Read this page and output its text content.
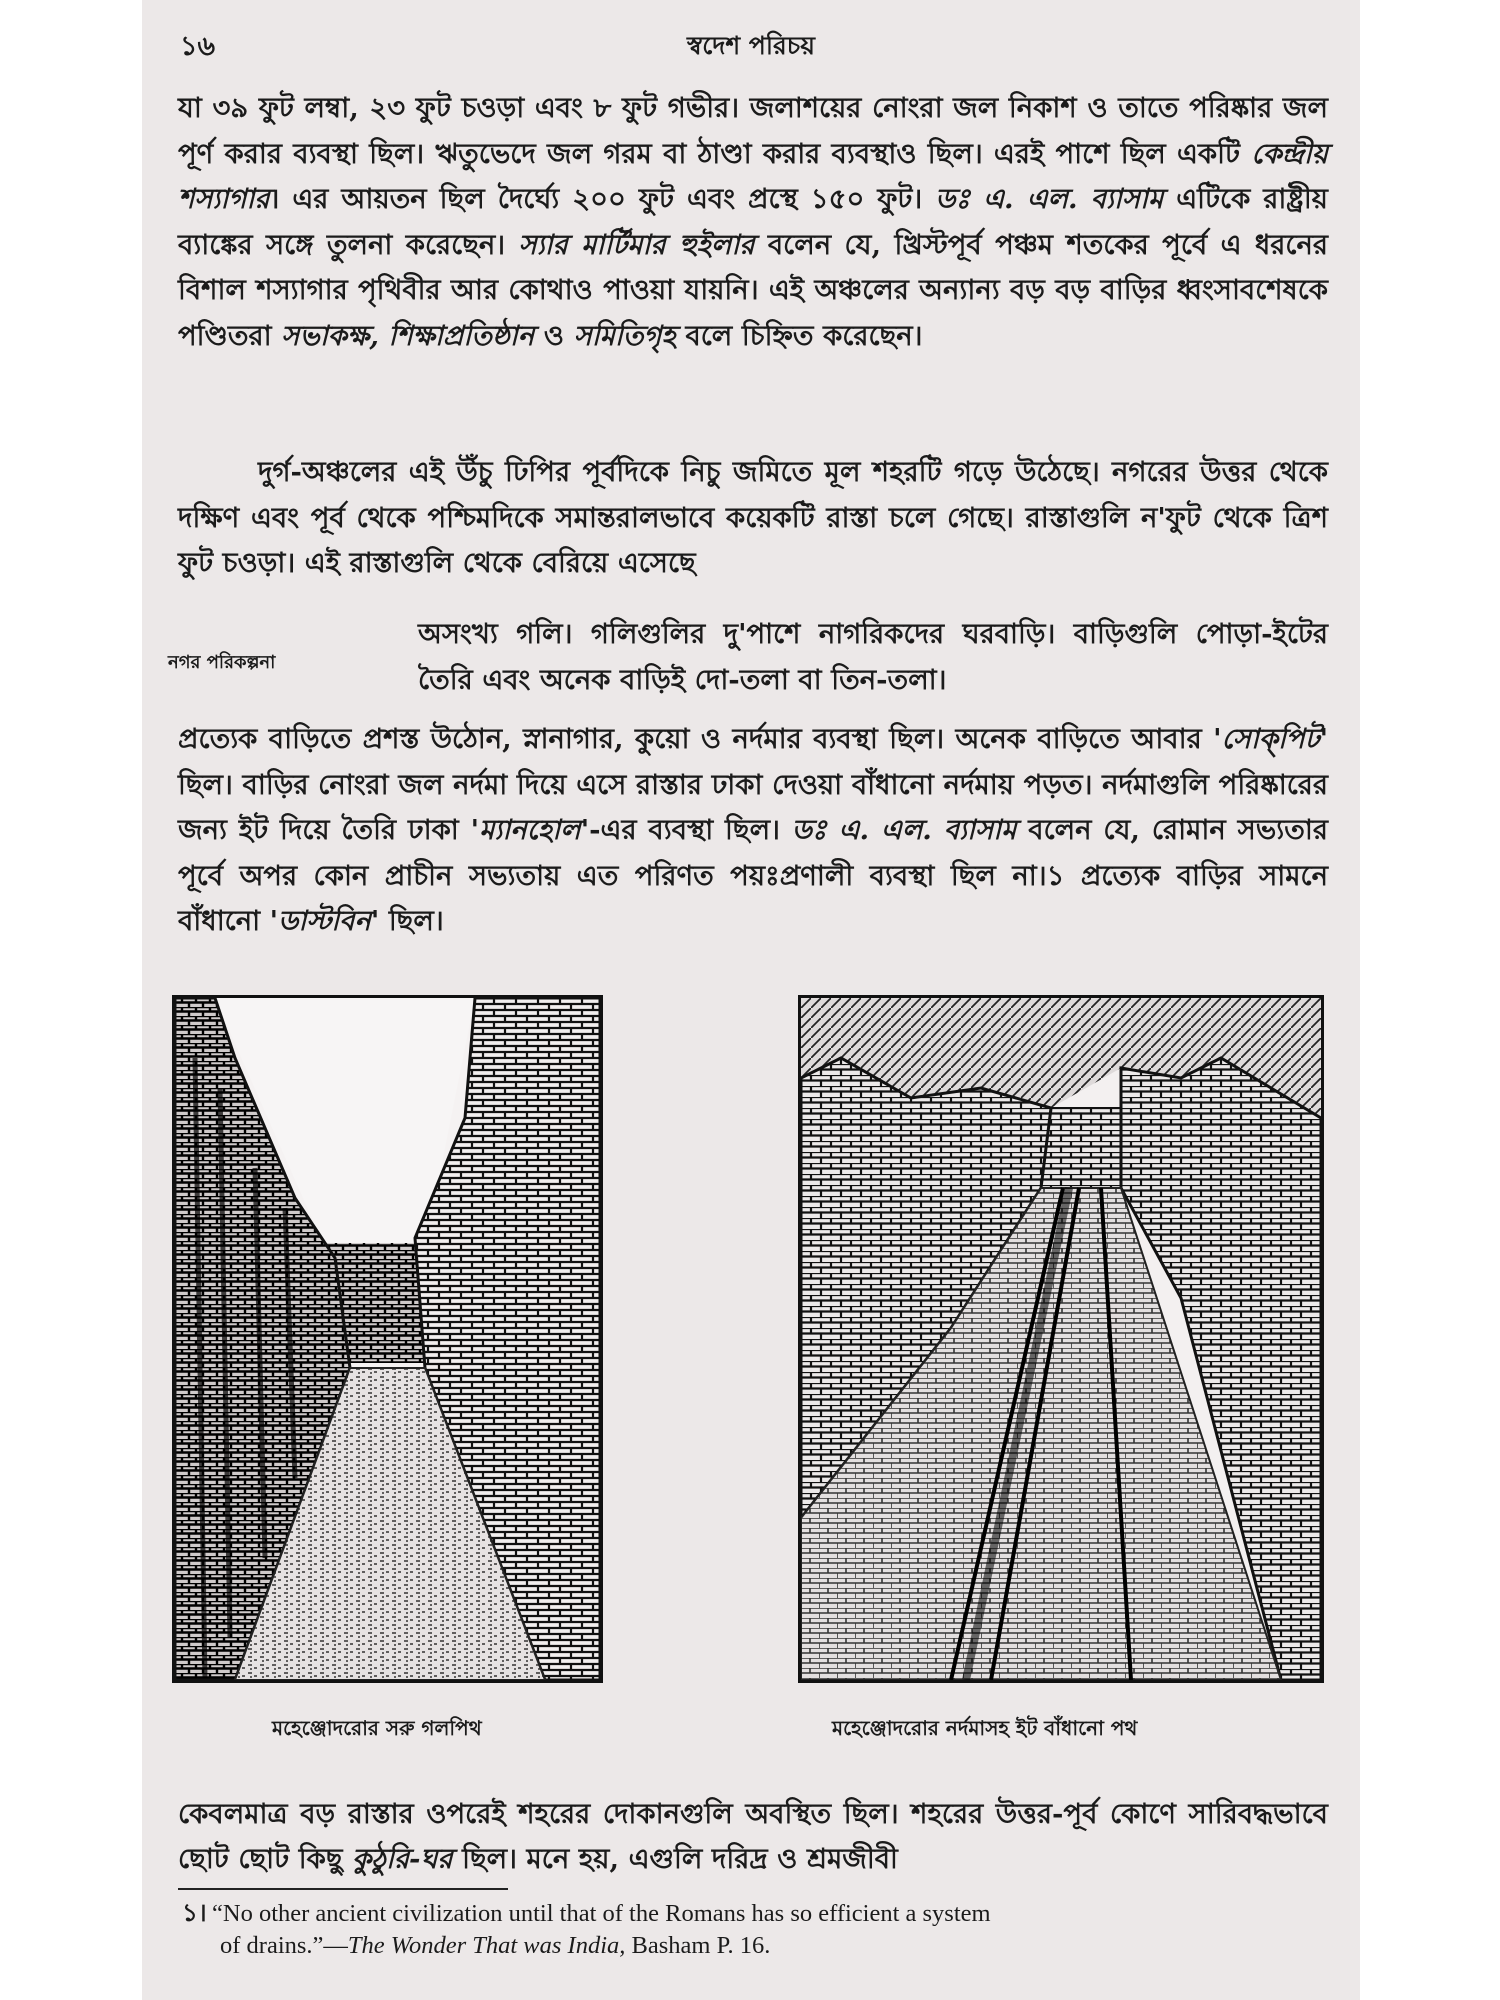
১৬	স্বদেশ পরিচয়

যা ৩৯ ফুট লম্বা, ২৩ ফুট চওড়া এবং ৮ ফুট গভীর। জলাশয়ের নোংরা জল নিকাশ ও তাতে পরিষ্কার জল পূর্ণ করার ব্যবস্থা ছিল। ঋতুভেদে জল গরম বা ঠাণ্ডা করার ব্যবস্থাও ছিল। এরই পাশে ছিল একটি কেন্দ্রীয় শস্যাগার। এর আয়তন ছিল দৈর্ঘ্যে ২০০ ফুট এবং প্রস্থে ১৫০ ফুট। ডঃ এ. এল. ব্যাসাম এটিকে রাষ্ট্রীয় ব্যাঙ্কের সঙ্গে তুলনা করেছেন। স্যার মার্টিমার হুইলার বলেন যে, খ্রিস্টপূর্ব পঞ্চম শতকের পূর্বে এ ধরনের বিশাল শস্যাগার পৃথিবীর আর কোথাও পাওয়া যায়নি। এই অঞ্চলের অন্যান্য বড় বড় বাড়ির ধ্বংসাবশেষকে পণ্ডিতরা সভাকক্ষ, শিক্ষাপ্রতিষ্ঠান ও সমিতিগৃহ বলে চিহ্নিত করেছেন।

দুর্গ-অঞ্চলের এই উঁচু ঢিপির পূর্বদিকে নিচু জমিতে মূল শহরটি গড়ে উঠেছে। নগরের উত্তর থেকে দক্ষিণ এবং পূর্ব থেকে পশ্চিমদিকে সমান্তরালভাবে কয়েকটি রাস্তা চলে গেছে। রাস্তাগুলি ন'ফুট থেকে ত্রিশ ফুট চওড়া। এই রাস্তাগুলি থেকে বেরিয়ে এসেছে

নগর পরিকল্পনা

অসংখ্য গলি। গলিগুলির দু'পাশে নাগরিকদের ঘরবাড়ি। বাড়িগুলি পোড়া-ইটের তৈরি এবং অনেক বাড়িই দো-তলা বা তিন-তলা।

প্রত্যেক বাড়িতে প্রশস্ত উঠোন, স্নানাগার, কুয়ো ও নর্দমার ব্যবস্থা ছিল। অনেক বাড়িতে আবার 'সোক্‌পিট' ছিল। বাড়ির নোংরা জল নর্দমা দিয়ে এসে রাস্তার ঢাকা দেওয়া বাঁধানো নর্দমায় পড়ত। নর্দমাগুলি পরিষ্কারের জন্য ইট দিয়ে তৈরি ঢাকা 'ম্যানহোল'-এর ব্যবস্থা ছিল। ডঃ এ. এল. ব্যাসাম বলেন যে, রোমান সভ্যতার পূর্বে অপর কোন প্রাচীন সভ্যতায় এত পরিণত পয়ঃপ্রণালী ব্যবস্থা ছিল না।১ প্রত্যেক বাড়ির সামনে বাঁধানো 'ডাস্টবিন' ছিল।

মহেঞ্জোদরোর সরু গলপিথ	মহেঞ্জোদরোর নর্দমাসহ ইট বাঁধানো পথ

কেবলমাত্র বড় রাস্তার ওপরেই শহরের দোকানগুলি অবস্থিত ছিল। শহরের উত্তর-পূর্ব কোণে সারিবদ্ধভাবে ছোট ছোট কিছু কুঠুরি-ঘর ছিল। মনে হয়, এগুলি দরিদ্র ও শ্রমজীবী

১। “No other ancient civilization until that of the Romans has so efficient a system
of drains.”—The Wonder That was India, Basham P. 16.
